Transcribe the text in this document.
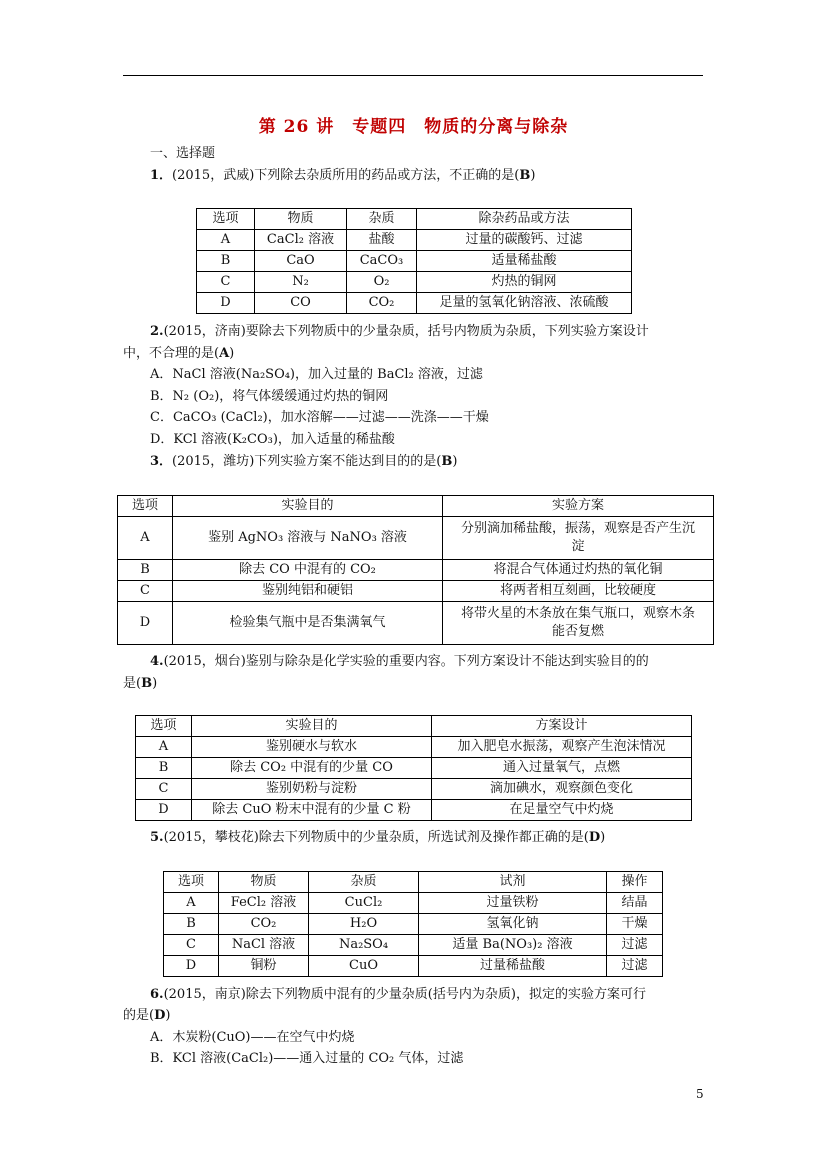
第 26 讲　专题四　物质的分离与除杂
一、选择题
1．(2015，武威)下列除去杂质所用的药品或方法，不正确的是(B)
选项	物质	杂质	除杂药品或方法
A	CaCl₂ 溶液	盐酸	过量的碳酸钙、过滤
B	CaO	CaCO₃	适量稀盐酸
C	N₂	O₂	灼热的铜网
D	CO	CO₂	足量的氢氧化钠溶液、浓硫酸
2.(2015，济南)要除去下列物质中的少量杂质，括号内物质为杂质，下列实验方案设计
中，不合理的是(A)
A．NaCl 溶液(Na₂SO₄)，加入过量的 BaCl₂ 溶液，过滤
B．N₂ (O₂)，将气体缓缓通过灼热的铜网
C．CaCO₃ (CaCl₂)，加水溶解——过滤——洗涤——干燥
D．KCl 溶液(K₂CO₃)，加入适量的稀盐酸
3．(2015，潍坊)下列实验方案不能达到目的的是(B)
选项	实验目的	实验方案
A	鉴别 AgNO₃ 溶液与 NaNO₃ 溶液	分别滴加稀盐酸，振荡，观察是否产生沉
淀

B	除去 CO 中混有的 CO₂	将混合气体通过灼热的氧化铜
C	鉴别纯铝和硬铝	将两者相互刻画，比较硬度
D	检验集气瓶中是否集满氧气	将带火星的木条放在集气瓶口，观察木条
能否复燃
4.(2015，烟台)鉴别与除杂是化学实验的重要内容。下列方案设计不能达到实验目的的
是(B)
选项	实验目的	方案设计
A	鉴别硬水与软水	加入肥皂水振荡，观察产生泡沫情况
B	除去 CO₂ 中混有的少量 CO	通入过量氧气，点燃
C	鉴别奶粉与淀粉	滴加碘水，观察颜色变化
D	除去 CuO 粉末中混有的少量 C 粉	在足量空气中灼烧
5.(2015，攀枝花)除去下列物质中的少量杂质，所选试剂及操作都正确的是(D)
选项	物质	杂质	试剂	操作
A	FeCl₂ 溶液	CuCl₂	过量铁粉	结晶
B	CO₂	H₂O	氢氧化钠	干燥
C	NaCl 溶液	Na₂SO₄	适量 Ba(NO₃)₂ 溶液	过滤
D	铜粉	CuO	过量稀盐酸	过滤
6.(2015，南京)除去下列物质中混有的少量杂质(括号内为杂质)，拟定的实验方案可行
的是(D)
A．木炭粉(CuO)——在空气中灼烧
B．KCl 溶液(CaCl₂)——通入过量的 CO₂ 气体，过滤
5
